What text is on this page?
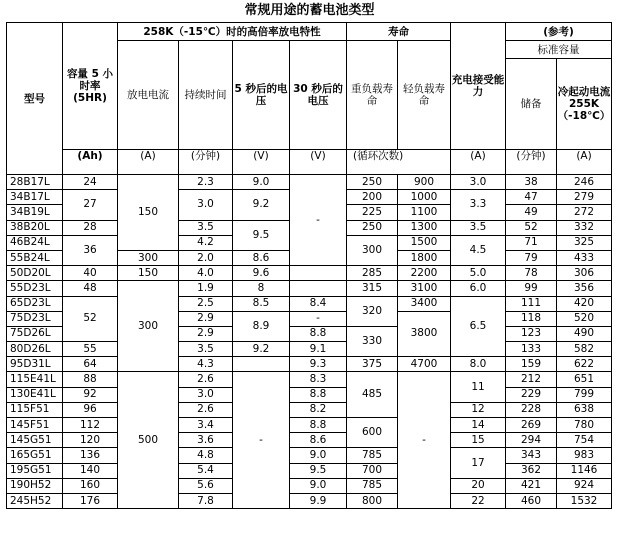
常规用途的蓄电池类型
型号	容量 5 小时率 (5HR)	258K（-15℃）时的高倍率放电特性				寿命		充电接受能力	(参考)	
		放电电流	持续时间	5 秒后的电压	30 秒后的电压	重负载寿命	轻负载寿命		标准容量	
									储备	冷起动电流 255K（-18℃）
	(Ah)	(A)	(分钟)	(V)	(V)	(循环次数)		(A)	(分钟)	(A)
28B17L	24	150	2.3	9.0	-	250	900	3.0	38	246
34B17L	27		3.0	9.2		200	1000	3.3	47	279
34B19L						225	1100		49	272
38B20L	28		3.5	9.5		250	1300	3.5	52	332
46B24L	36		4.2			300	1500	4.5	71	325
55B24L		300	2.0	8.6			1800		79	433
50D20L	40	150	4.0	9.6		285	2200	5.0	78	306
55D23L	48	300	1.9	8		315	3100	6.0	99	356
65D23L	52		2.5	8.5	8.4	320	3400	6.5	111	420
75D23L			2.9	8.9	-		3800		118	520
75D26L			2.9		8.8	330			123	490
80D26L	55		3.5	9.2	9.1				133	582
95D31L	64		4.3		9.3	375	4700	8.0	159	622
115E41L	88	500	2.6	-	8.3	485	-	11	212	651
130E41L	92		3.0		8.8				229	799
115F51	96		2.6		8.2			12	228	638
145F51	112		3.4		8.8	600		14	269	780
145G51	120		3.6		8.6			15	294	754
165G51	136		4.8		9.0	785		17	343	983
195G51	140		5.4		9.5	700			362	1146
190H52	160		5.6		9.0	785		20	421	924
245H52	176		7.8		9.9	800		22	460	1532
